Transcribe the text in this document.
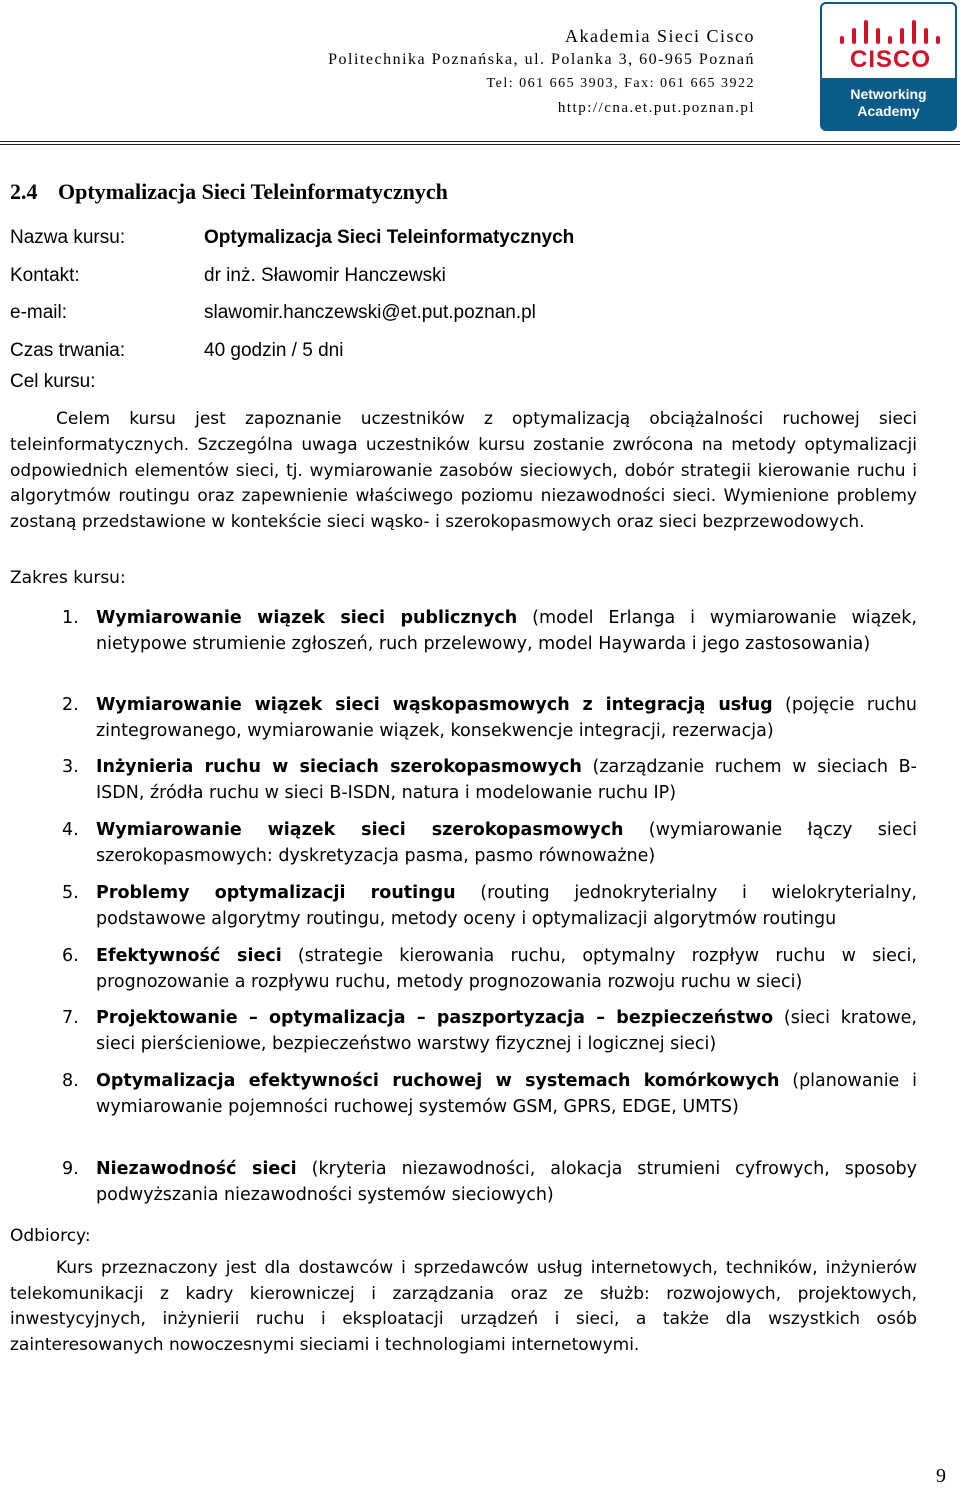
Akademia Sieci Cisco
Politechnika Poznańska, ul. Polanka 3, 60-965 Poznań
Tel: 061 665 3903, Fax: 061 665 3922
http://cna.et.put.poznan.pl
CISCO
Networking
Academy
2.4 Optymalizacja Sieci Teleinformatycznych
Nazwa kursu:	Optymalizacja Sieci Teleinformatycznych
Kontakt:	dr inż. Sławomir Hanczewski
e-mail:	slawomir.hanczewski@et.put.poznan.pl
Czas trwania:	40 godzin / 5 dni
Cel kursu:
Celem kursu jest zapoznanie uczestników z optymalizacją obciążalności ruchowej sieci teleinformatycznych. Szczególna uwaga uczestników kursu zostanie zwrócona na metody optymalizacji odpowiednich elementów sieci, tj. wymiarowanie zasobów sieciowych, dobór strategii kierowanie ruchu i algorytmów routingu oraz zapewnienie właściwego poziomu niezawodności sieci. Wymienione problemy zostaną przedstawione w kontekście sieci wąsko- i szerokopasmowych oraz sieci bezprzewodowych.
Zakres kursu:
1. Wymiarowanie wiązek sieci publicznych (model Erlanga i wymiarowanie wiązek, nietypowe strumienie zgłoszeń, ruch przelewowy, model Haywarda i jego zastosowania)
2. Wymiarowanie wiązek sieci wąskopasmowych z integracją usług (pojęcie ruchu zintegrowanego, wymiarowanie wiązek, konsekwencje integracji, rezerwacja)
3. Inżynieria ruchu w sieciach szerokopasmowych (zarządzanie ruchem w sieciach B-ISDN, źródła ruchu w sieci B-ISDN, natura i modelowanie ruchu IP)
4. Wymiarowanie wiązek sieci szerokopasmowych (wymiarowanie łączy sieci szerokopasmowych: dyskretyzacja pasma, pasmo równoważne)
5. Problemy optymalizacji routingu (routing jednokryterialny i wielokryterialny, podstawowe algorytmy routingu, metody oceny i optymalizacji algorytmów routingu
6. Efektywność sieci (strategie kierowania ruchu, optymalny rozpływ ruchu w sieci, prognozowanie a rozpływu ruchu, metody prognozowania rozwoju ruchu w sieci)
7. Projektowanie – optymalizacja – paszportyzacja – bezpieczeństwo (sieci kratowe, sieci pierścieniowe, bezpieczeństwo warstwy fizycznej i logicznej sieci)
8. Optymalizacja efektywności ruchowej w systemach komórkowych (planowanie i wymiarowanie pojemności ruchowej systemów GSM, GPRS, EDGE, UMTS)
9. Niezawodność sieci (kryteria niezawodności, alokacja strumieni cyfrowych, sposoby podwyższania niezawodności systemów sieciowych)
Odbiorcy:
Kurs przeznaczony jest dla dostawców i sprzedawców usług internetowych, techników, inżynierów telekomunikacji z kadry kierowniczej i zarządzania oraz ze służb: rozwojowych, projektowych, inwestycyjnych, inżynierii ruchu i eksploatacji urządzeń i sieci, a także dla wszystkich osób zainteresowanych nowoczesnymi sieciami i technologiami internetowymi.
9
